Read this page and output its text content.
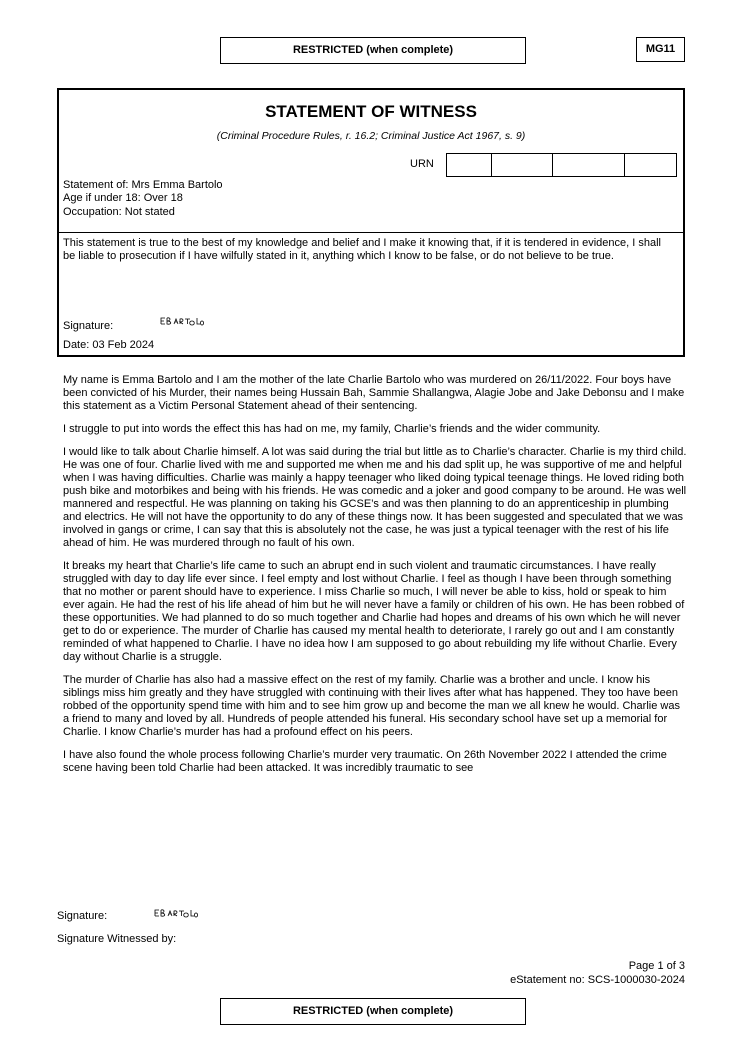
RESTRICTED (when complete)	MG11
STATEMENT OF WITNESS
(Criminal Procedure Rules, r. 16.2; Criminal Justice Act 1967, s. 9)
URN
Statement of: Mrs Emma Bartolo
Age if under 18: Over 18
Occupation: Not stated
This statement is true to the best of my knowledge and belief and I make it knowing that, if it is tendered in evidence, I shall be liable to prosecution if I have wilfully stated in it, anything which I know to be false, or do not believe to be true.
Signature:
Date: 03 Feb 2024

My name is Emma Bartolo and I am the mother of the late Charlie Bartolo who was murdered on 26/11/2022. Four boys have been convicted of his Murder, their names being Hussain Bah, Sammie Shallangwa, Alagie Jobe and Jake Debonsu and I make this statement as a Victim Personal Statement ahead of their sentencing.

I struggle to put into words the effect this has had on me, my family, Charlie’s friends and the wider community.

I would like to talk about Charlie himself. A lot was said during the trial but little as to Charlie’s character. Charlie is my third child. He was one of four. Charlie lived with me and supported me when me and his dad split up, he was supportive of me and helpful when I was having difficulties. Charlie was mainly a happy teenager who liked doing typical teenage things. He loved riding both push bike and motorbikes and being with his friends. He was comedic and a joker and good company to be around. He was well mannered and respectful. He was planning on taking his GCSE’s and was then planning to do an apprenticeship in plumbing and electrics. He will not have the opportunity to do any of these things now. It has been suggested and speculated that we was involved in gangs or crime, I can say that this is absolutely not the case, he was just a typical teenager with the rest of his life ahead of him. He was murdered through no fault of his own.

It breaks my heart that Charlie’s life came to such an abrupt end in such violent and traumatic circumstances. I have really struggled with day to day life ever since. I feel empty and lost without Charlie. I feel as though I have been through something that no mother or parent should have to experience. I miss Charlie so much, I will never be able to kiss, hold or speak to him ever again. He had the rest of his life ahead of him but he will never have a family or children of his own. He has been robbed of these opportunities. We had planned to do so much together and Charlie had hopes and dreams of his own which he will never get to do or experience. The murder of Charlie has caused my mental health to deteriorate, I rarely go out and I am constantly reminded of what happened to Charlie. I have no idea how I am supposed to go about rebuilding my life without Charlie. Every day without Charlie is a struggle.

The murder of Charlie has also had a massive effect on the rest of my family. Charlie was a brother and uncle. I know his siblings miss him greatly and they have struggled with continuing with their lives after what has happened. They too have been robbed of the opportunity spend time with him and to see him grow up and become the man we all knew he would. Charlie was a friend to many and loved by all. Hundreds of people attended his funeral. His secondary school have set up a memorial for Charlie. I know Charlie’s murder has had a profound effect on his peers.

I have also found the whole process following Charlie’s murder very traumatic. On 26th November 2022 I attended the crime scene having been told Charlie had been attacked. It was incredibly traumatic to see

Signature:
Signature Witnessed by:
Page 1 of 3
eStatement no: SCS-1000030-2024
RESTRICTED (when complete)
